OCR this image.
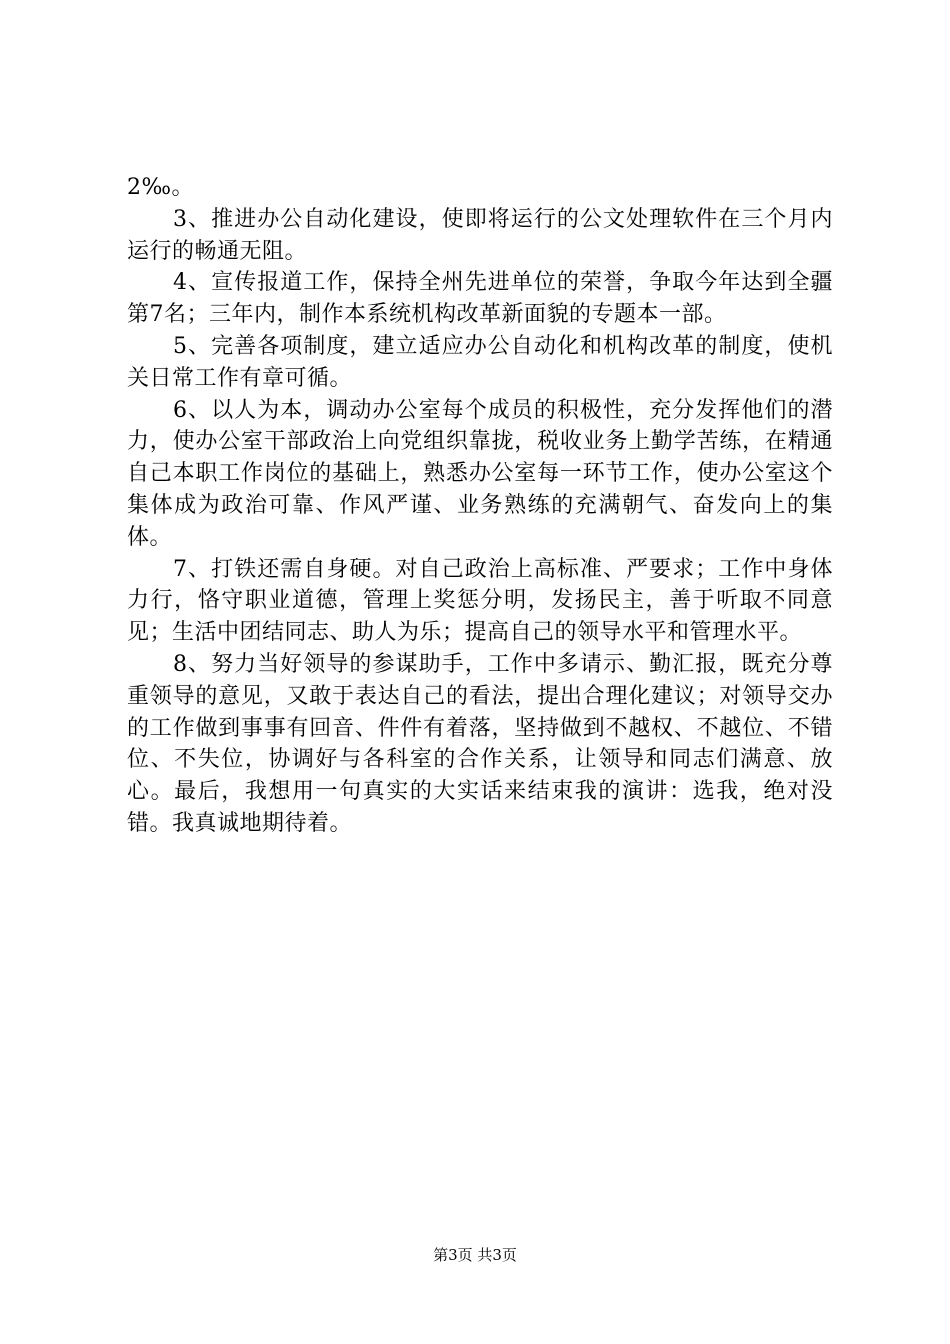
2‰。

3、推进办公自动化建设，使即将运行的公文处理软件在三个月内运行的畅通无阻。

4、宣传报道工作，保持全州先进单位的荣誉，争取今年达到全疆第7名；三年内，制作本系统机构改革新面貌的专题本一部。

5、完善各项制度，建立适应办公自动化和机构改革的制度，使机关日常工作有章可循。

6、以人为本，调动办公室每个成员的积极性，充分发挥他们的潜力，使办公室干部政治上向党组织靠拢，税收业务上勤学苦练，在精通自己本职工作岗位的基础上，熟悉办公室每一环节工作，使办公室这个集体成为政治可靠、作风严谨、业务熟练的充满朝气、奋发向上的集体。

7、打铁还需自身硬。对自己政治上高标准、严要求；工作中身体力行，恪守职业道德，管理上奖惩分明，发扬民主，善于听取不同意见；生活中团结同志、助人为乐；提高自己的领导水平和管理水平。

8、努力当好领导的参谋助手，工作中多请示、勤汇报，既充分尊重领导的意见，又敢于表达自己的看法，提出合理化建议；对领导交办的工作做到事事有回音、件件有着落，坚持做到不越权、不越位、不错位、不失位，协调好与各科室的合作关系，让领导和同志们满意、放心。最后，我想用一句真实的大实话来结束我的演讲：选我，绝对没错。我真诚地期待着。

第3页 共3页
